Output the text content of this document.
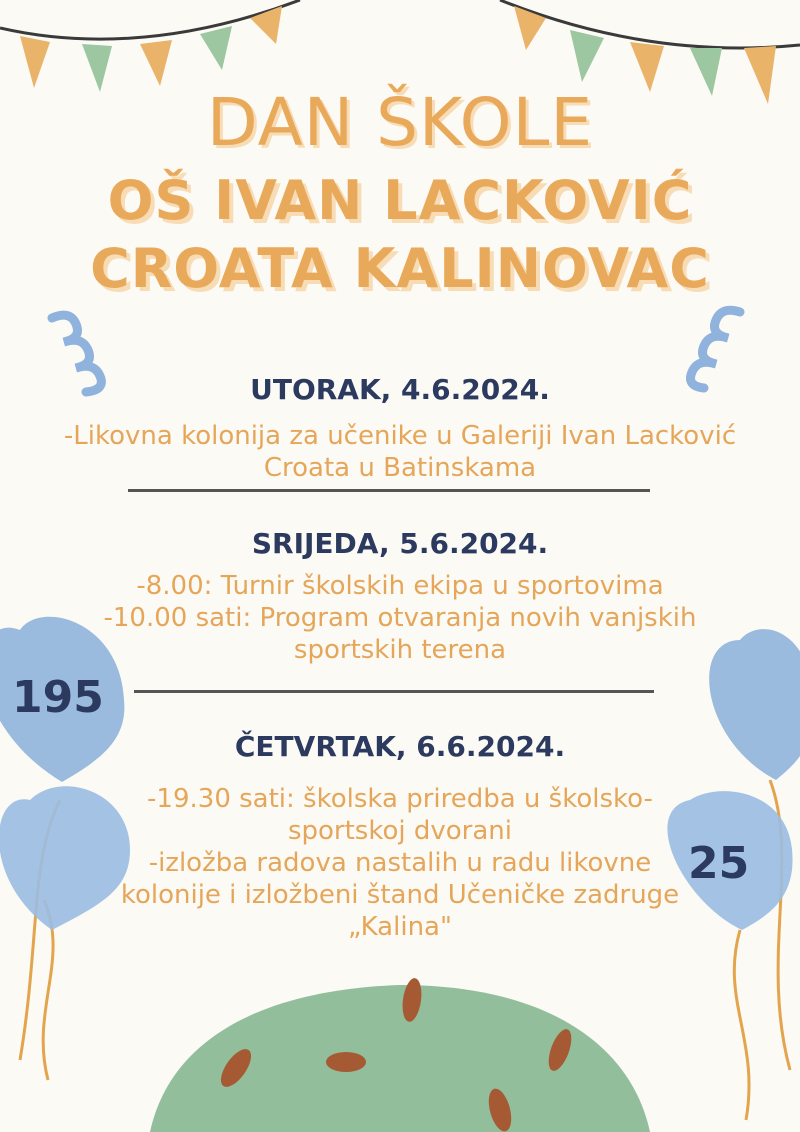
DAN ŠKOLE
OŠ IVAN LACKOVIĆ
CROATA KALINOVAC
UTORAK, 4.6.2024.
-Likovna kolonija za učenike u Galeriji Ivan Lacković
Croata u Batinskama
SRIJEDA, 5.6.2024.
-8.00: Turnir školskih ekipa u sportovima
-10.00 sati: Program otvaranja novih vanjskih
sportskih terena
ČETVRTAK, 6.6.2024.
-19.30 sati: školska priredba u školsko-
sportskoj dvorani
-izložba radova nastalih u radu likovne
kolonije i izložbeni štand Učeničke zadruge
„Kalina"
195
25
